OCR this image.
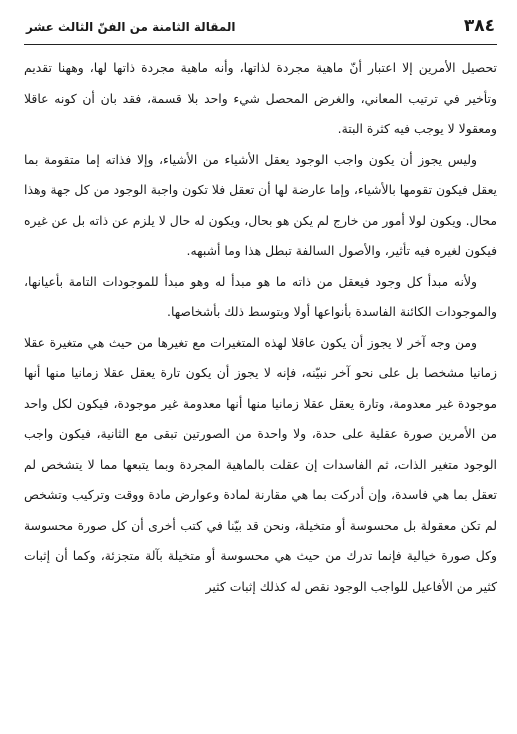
٣٨٤
المقالة الثامنة من الفنّ الثالث عشر

تحصيل الأمرين إلا اعتبار أنّ ماهية مجردة لذاتها، وأنه ماهية مجردة ذاتها لها، وههنا تقديم وتأخير في ترتيب المعاني، والغرض المحصل شيء واحد بلا قسمة، فقد بان أن كونه عاقلا ومعقولا لا يوجب فيه كثرة البتة.

وليس يجوز أن يكون واجب الوجود يعقل الأشياء من الأشياء، وإلا فذاته إما متقومة بما يعقل فيكون تقومها بالأشياء، وإما عارضة لها أن تعقل فلا تكون واجبة الوجود من كل جهة وهذا محال. ويكون لولا أمور من خارج لم يكن هو بحال، ويكون له حال لا يلزم عن ذاته بل عن غيره فيكون لغيره فيه تأثير، والأصول السالفة تبطل هذا وما أشبهه.

ولأنه مبدأ كل وجود فيعقل من ذاته ما هو مبدأ له وهو مبدأ للموجودات التامة بأعيانها، والموجودات الكائنة الفاسدة بأنواعها أولا وبتوسط ذلك بأشخاصها.

ومن وجه آخر لا يجوز أن يكون عاقلا لهذه المتغيرات مع تغيرها من حيث هي متغيرة عقلا زمانيا مشخصا بل على نحو آخر نبيّنه، فإنه لا يجوز أن يكون تارة يعقل عقلا زمانيا منها أنها موجودة غير معدومة، وتارة يعقل عقلا زمانيا منها أنها معدومة غير موجودة، فيكون لكل واحد من الأمرين صورة عقلية على حدة، ولا واحدة من الصورتين تبقى مع الثانية، فيكون واجب الوجود متغير الذات، ثم الفاسدات إن عقلت بالماهية المجردة وبما يتبعها مما لا يتشخص لم تعقل بما هي فاسدة، وإن أدركت بما هي مقارنة لمادة وعوارض مادة ووقت وتركيب وتشخص لم تكن معقولة بل محسوسة أو متخيلة، ونحن قد بيّنا في كتب أخرى أن كل صورة محسوسة وكل صورة خيالية فإنما تدرك من حيث هي محسوسة أو متخيلة بآلة متجزئة، وكما أن إثبات كثير من الأفاعيل للواجب الوجود نقص له كذلك إثبات كثير
